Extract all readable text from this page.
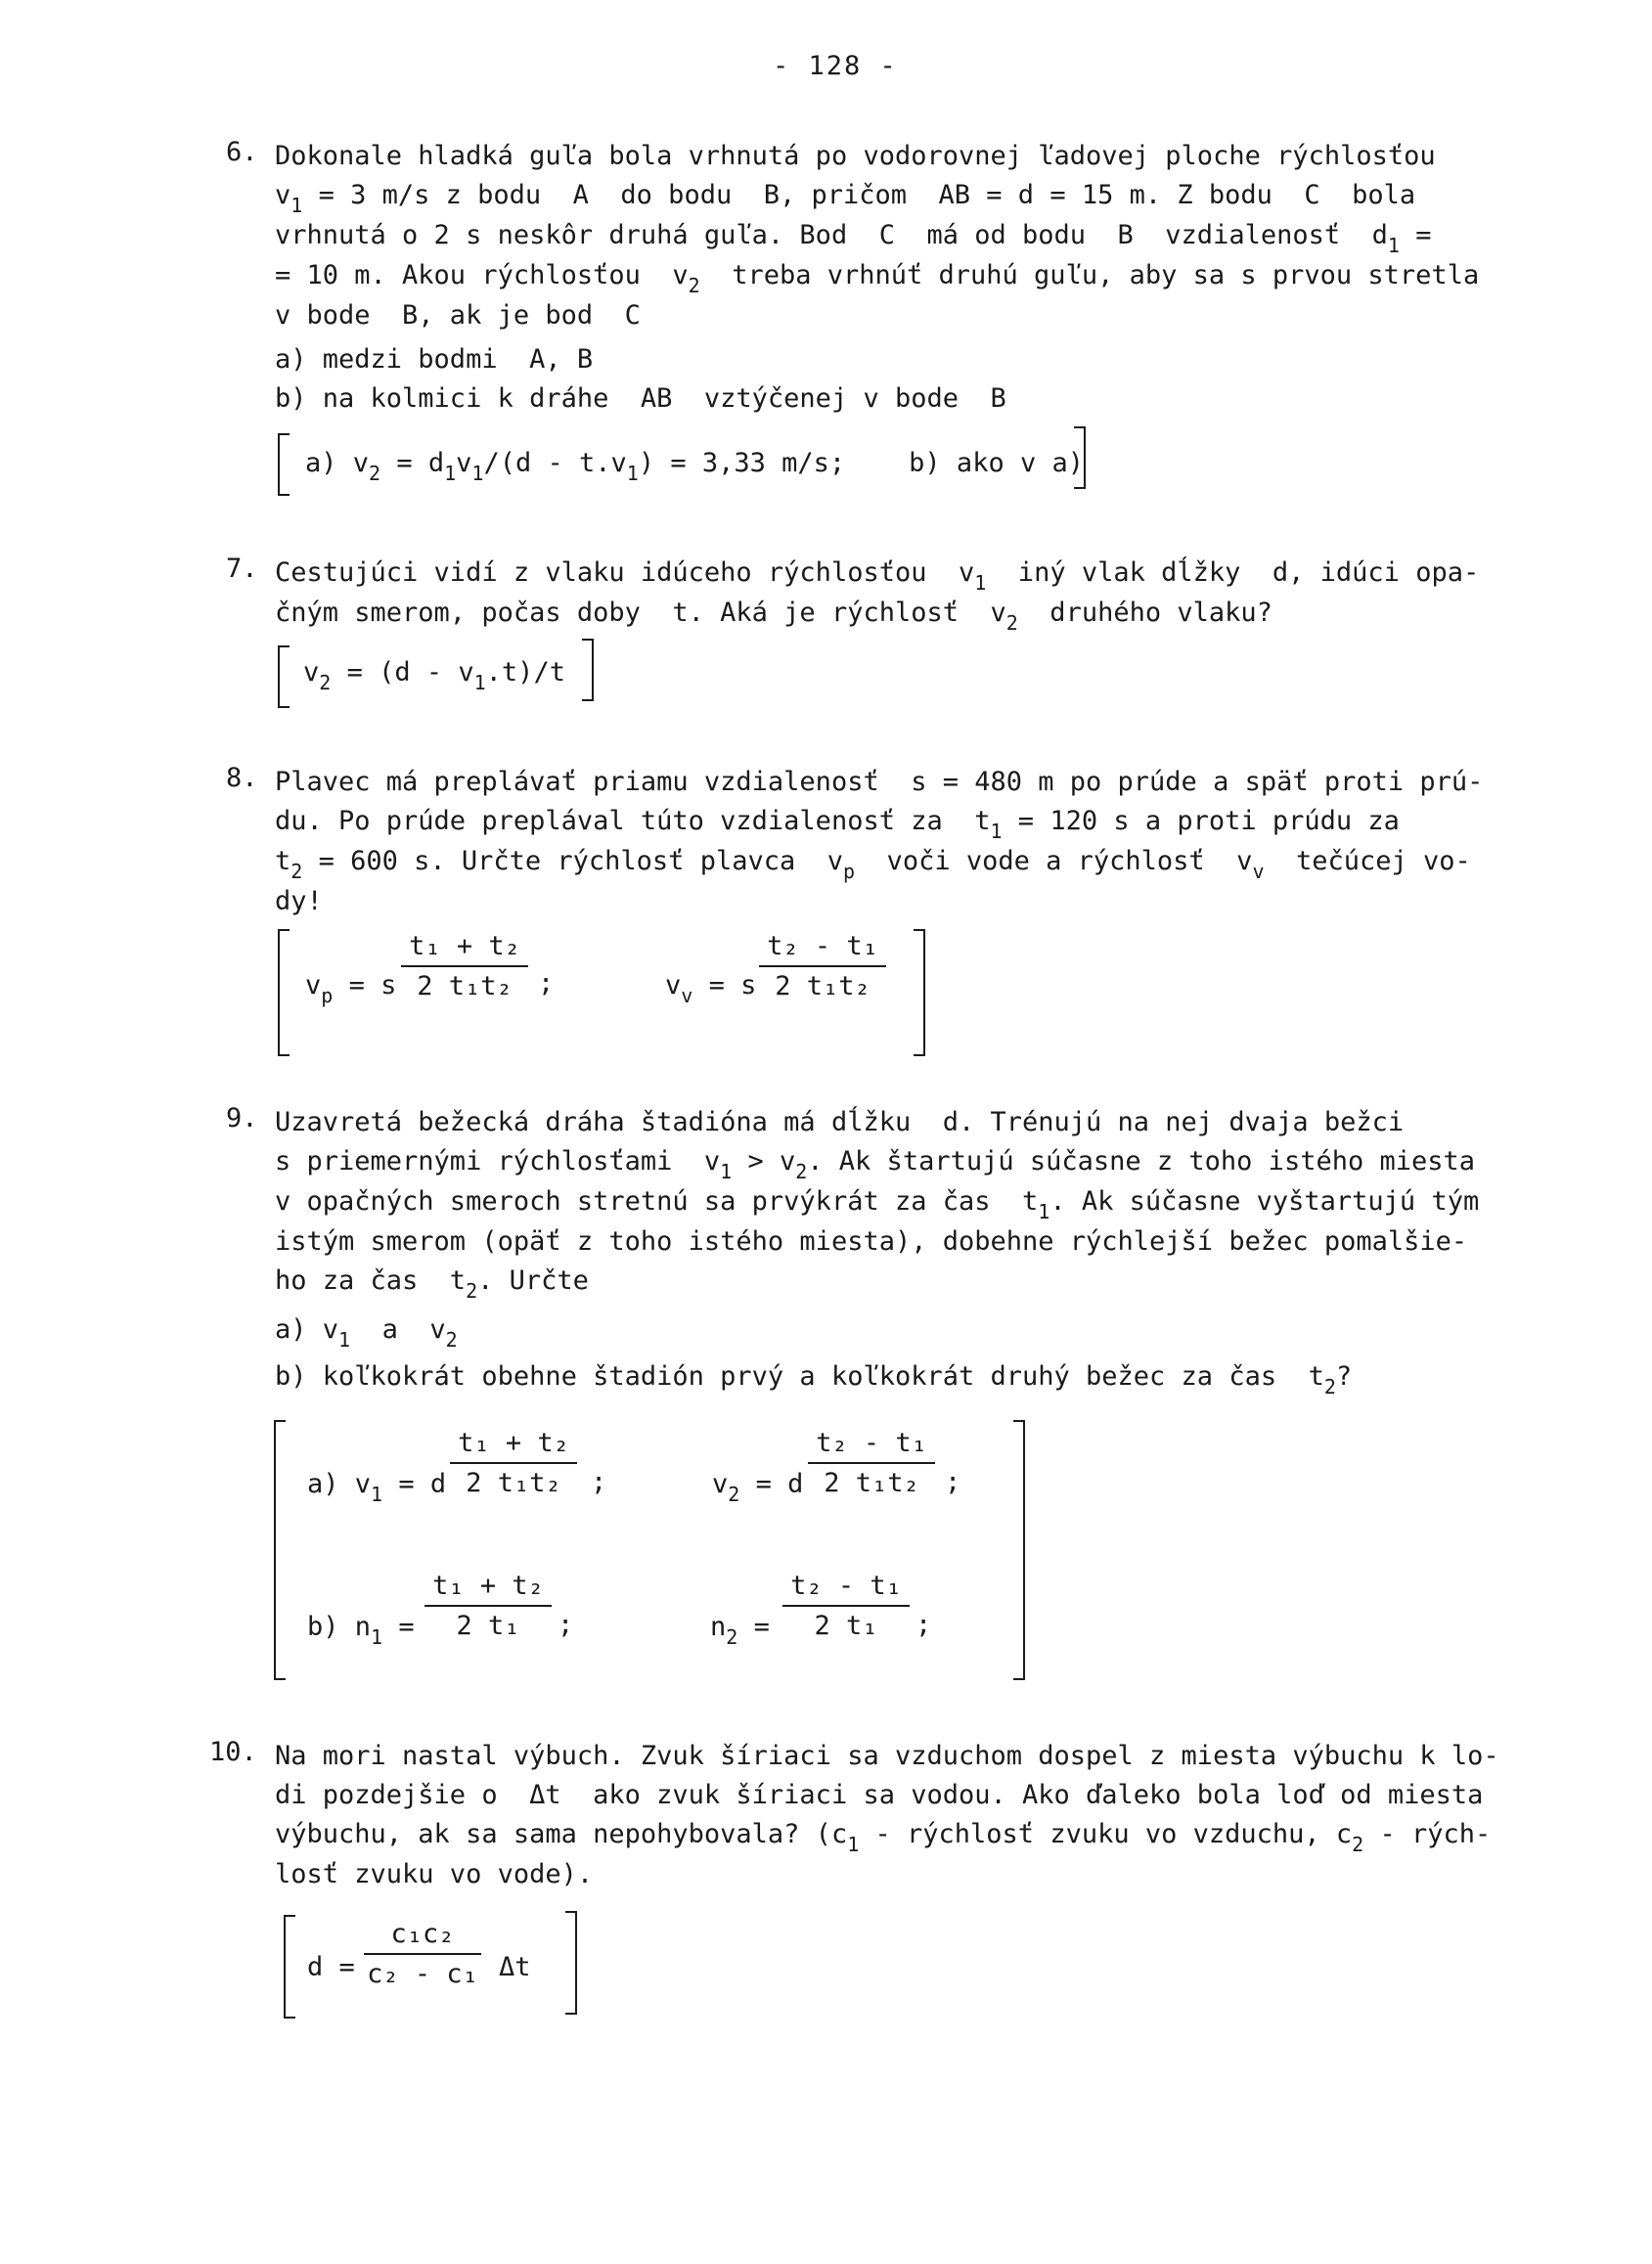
- 128 -
6. Dokonale hladká guľa bola vrhnutá po vodorovnej ľadovej ploche rýchlosťou
$v_1 = 3$ m/s z bodu  A  do bodu  B, pričom  AB = d = 15 m. Z bodu  C  bola
vrhnutá o 2 s neskôr druhá guľa. Bod  C  má od bodu  B  vzdialenosť  $d_1$ =
= 10 m. Akou rýchlosťou  $v_2$  treba vrhnúť druhú guľu, aby sa s prvou stretla
v bode  B, ak je bod  C
a) medzi bodmi  A, B
b) na kolmici k dráhe  AB  vztýčenej v bode  B
a) $v_2 = d_1v_1/(d - t.v_1) = 3,33$ m/s;    b) ako v a)
7. Cestujúci vidí z vlaku idúceho rýchlosťou  $v_1$  iný vlak dĺžky  d, idúci opa-
čným smerom, počas doby  t. Aká je rýchlosť  $v_2$  druhého vlaku?
$v_2 = (d - v_1.t)/t$
8. Plavec má preplávať priamu vzdialenosť  s = 480 m po prúde a späť proti prú-
du. Po prúde preplával túto vzdialenosť za  $t_1 = 120$ s a proti prúdu za
$t_2 = 600$ s. Určte rýchlosť plavca  $v_p$  voči vode a rýchlosť  $v_v$  tečúcej vo-
dy!
$v_p = s$
t₁ + t₂
2 t₁t₂ ;	$v_v = s$
t₂ - t₁
2 t₁t₂
9. Uzavretá bežecká dráha štadióna má dĺžku  d. Trénujú na nej dvaja bežci
s priemernými rýchlosťami  $v_1 > v_2$. Ak štartujú súčasne z toho istého miesta
v opačných smeroch stretnú sa prvýkrát za čas  $t_1$. Ak súčasne vyštartujú tým
istým smerom (opäť z toho istého miesta), dobehne rýchlejší bežec pomalšie-
ho za čas  $t_2$. Určte
a) $v_1$  a  $v_2$
b) koľkokrát obehne štadión prvý a koľkokrát druhý bežec za čas  $t_2$?
a) $v_1 = d$
t₁ + t₂
2 t₁t₂	;	$v_2 = d$
t₂ - t₁
2 t₁t₂ ;
b) $n_1$ =
t₁ + t₂
2 t₁	;	$n_2$ =
t₂ - t₁
2 t₁	;
10. Na mori nastal výbuch. Zvuk šíriaci sa vzduchom dospel z miesta výbuchu k lo-
di pozdejšie o  Δt  ako zvuk šíriaci sa vodou. Ako ďaleko bola loď od miesta
výbuchu, ak sa sama nepohybovala? ($c_1$ - rýchlosť zvuku vo vzduchu, $c_2$ - rých-
losť zvuku vo vode).
d =
c₁c₂
c₂ - c₁ Δt
